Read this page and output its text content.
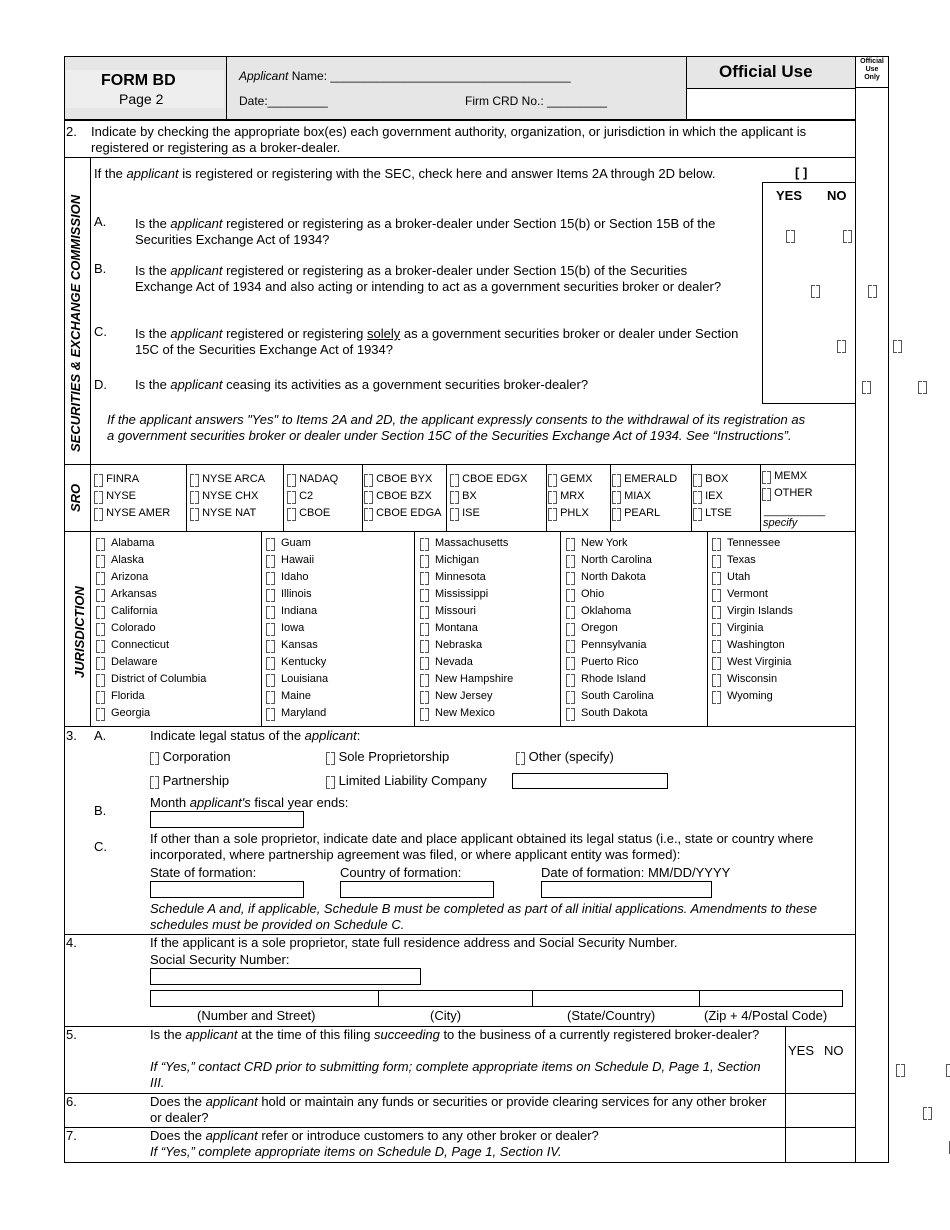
FORM BD
Page 2
Applicant Name: ____________________________________
Date:_________	Firm CRD No.: _________
Official Use
Official Use Only
2. Indicate by checking the appropriate box(es) each government authority, organization, or jurisdiction in which the applicant is registered or registering as a broker-dealer.
SECURITIES & EXCHANGE COMMISSION
If the applicant is registered or registering with the SEC, check here and answer Items 2A through 2D below.	[ ]
YES NO
A. Is the applicant registered or registering as a broker-dealer under Section 15(b) or Section 15B of the Securities Exchange Act of 1934?

B. Is the applicant registered or registering as a broker-dealer under Section 15(b) of the Securities Exchange Act of 1934 and also acting or intending to act as a government securities broker or dealer?

C. Is the applicant registered or registering solely as a government securities broker or dealer under Section 15C of the Securities Exchange Act of 1934?

D. Is the applicant ceasing its activities as a government securities broker-dealer?

If the applicant answers "Yes" to Items 2A and 2D, the applicant expressly consents to the withdrawal of its registration as a government securities broker or dealer under Section 15C of the Securities Exchange Act of 1934. See “Instructions”.
SRO
FINRA
NYSE
NYSE AMER
NYSE ARCA
NYSE CHX
NYSE NAT
NADAQ
C2
CBOE
CBOE BYX
CBOE BZX
CBOE EDGA
CBOE EDGX
BX
ISE
GEMX
MRX
PHLX
EMERALD
MIAX
PEARL
BOX
IEX
LTSE
MEMX
OTHER
__________
specify
JURISDICTION
Alabama
Alaska
Arizona
Arkansas
California
Colorado
Connecticut
Delaware
District of Columbia
Florida
Georgia
Guam
Hawaii
Idaho
Illinois
Indiana
Iowa
Kansas
Kentucky
Louisiana
Maine
Maryland
Massachusetts
Michigan
Minnesota
Mississippi
Missouri
Montana
Nebraska
Nevada
New Hampshire
New Jersey
New Mexico
New York
North Carolina
North Dakota
Ohio
Oklahoma
Oregon
Pennsylvania
Puerto Rico
Rhode Island
South Carolina
South Dakota
Tennessee
Texas
Utah
Vermont
Virgin Islands
Virginia
Washington
West Virginia
Wisconsin
Wyoming
3. A.	Indicate legal status of the applicant:
Corporation	Sole Proprietorship	Other (specify)
Partnership	Limited Liability Company
B.
Month applicant's fiscal year ends:
C.
If other than a sole proprietor, indicate date and place applicant obtained its legal status (i.e., state or country where incorporated, where partnership agreement was filed, or where applicant entity was formed):
State of formation:	Country of formation:	Date of formation: MM/DD/YYYY
Schedule A and, if applicable, Schedule B must be completed as part of all initial applications. Amendments to these schedules must be provided on Schedule C.
4.	If the applicant is a sole proprietor, state full residence address and Social Security Number.
Social Security Number:
(Number and Street)	(City)	(State/Country)	(Zip + 4/Postal Code)
5.	Is the applicant at the time of this filing succeeding to the business of a currently registered broker-dealer?
If “Yes,” contact CRD prior to submitting form; complete appropriate items on Schedule D, Page 1, Section III.
YES NO

6.	Does the applicant hold or maintain any funds or securities or provide clearing services for any other broker or dealer?

7.	Does the applicant refer or introduce customers to any other broker or dealer?
If “Yes,” complete appropriate items on Schedule D, Page 1, Section IV.
